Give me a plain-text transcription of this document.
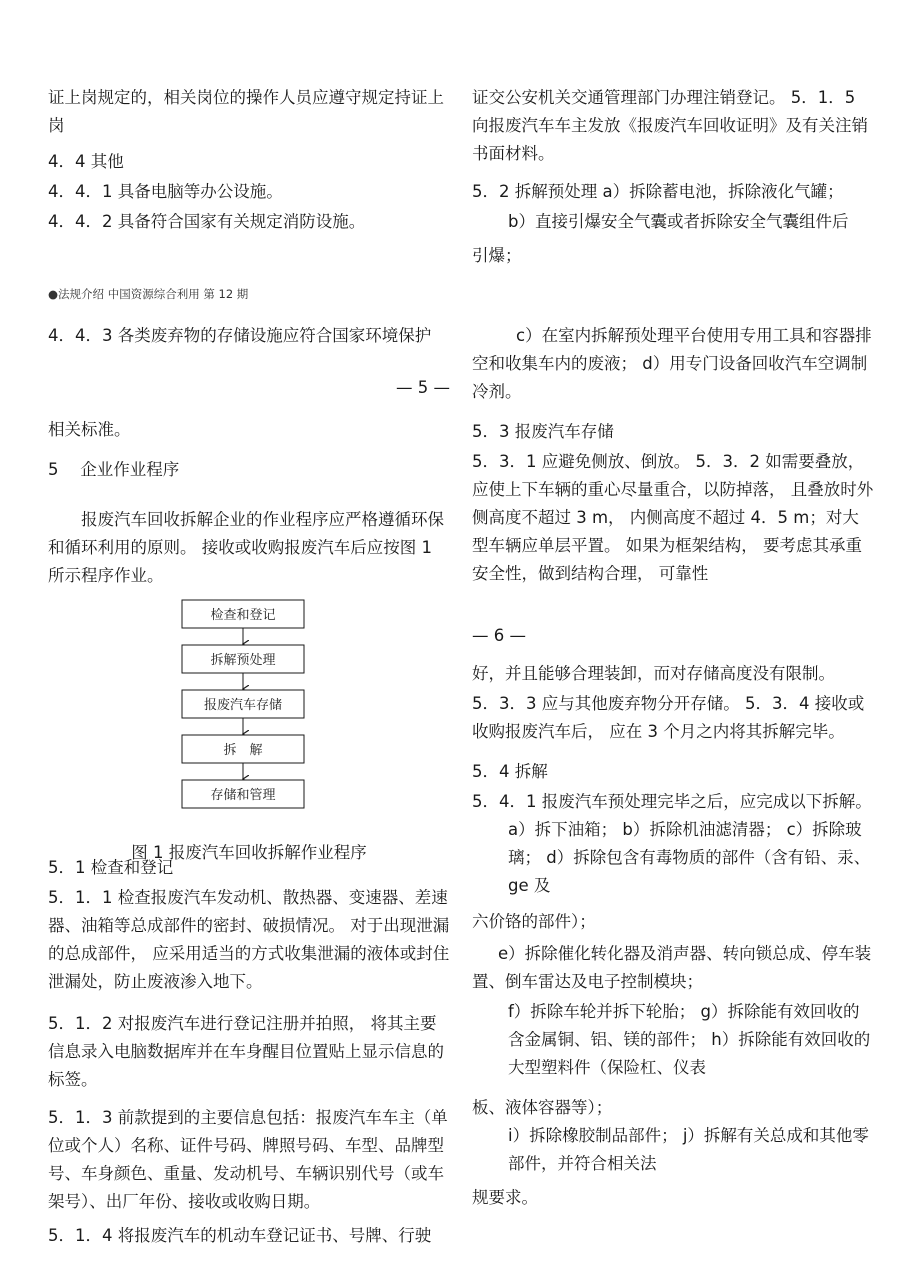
证上岗规定的，相关岗位的操作人员应遵守规定持证上岗

4．4 其他

4．4．1 具备电脑等办公设施。

4．4．2 具备符合国家有关规定消防设施。

●法规介绍 中国资源综合利用 第 12 期

4．4．3 各类废弃物的存储设施应符合国家环境保护

— 5 —

相关标准。

5　 企业作业程序

报废汽车回收拆解企业的作业程序应严格遵循环保和循环利用的原则。 接收或收购报废汽车后应按图 1 所示程序作业。

检查和登记
拆解预处理
报废汽车存储
拆　解
存储和管理

图 1 报废汽车回收拆解作业程序

5．1 检查和登记

5．1．1 检查报废汽车发动机、散热器、变速器、差速器、油箱等总成部件的密封、破损情况。 对于出现泄漏的总成部件， 应采用适当的方式收集泄漏的液体或封住泄漏处，防止废液渗入地下。

5．1．2 对报废汽车进行登记注册并拍照， 将其主要信息录入电脑数据库并在车身醒目位置贴上显示信息的标签。

5．1．3 前款提到的主要信息包括：报废汽车车主（单位或个人）名称、证件号码、牌照号码、车型、品牌型号、车身颜色、重量、发动机号、车辆识别代号（或车架号）、出厂年份、接收或收购日期。

5．1．4 将报废汽车的机动车登记证书、号牌、行驶

证交公安机关交通管理部门办理注销登记。 5．1．5 向报废汽车车主发放《报废汽车回收证明》及有关注销书面材料。

5．2 拆解预处理 a）拆除蓄电池，拆除液化气罐；

b）直接引爆安全气囊或者拆除安全气囊组件后

引爆；

c）在室内拆解预处理平台使用专用工具和容器排空和收集车内的废液； d）用专门设备回收汽车空调制冷剂。

5．3 报废汽车存储

5．3．1 应避免侧放、倒放。 5．3．2 如需要叠放，应使上下车辆的重心尽量重合，以防掉落， 且叠放时外侧高度不超过 3 m， 内侧高度不超过 4．5 m；对大型车辆应单层平置。 如果为框架结构， 要考虑其承重安全性，做到结构合理， 可靠性

— 6 —

好，并且能够合理装卸，而对存储高度没有限制。

5．3．3 应与其他废弃物分开存储。 5．3．4 接收或收购报废汽车后， 应在 3 个月之内将其拆解完毕。

5．4 拆解

5．4．1 报废汽车预处理完毕之后，应完成以下拆解。 a）拆下油箱； b）拆除机油滤清器； c）拆除玻璃； d）拆除包含有毒物质的部件（含有铅、汞、ge 及

六价铬的部件）；

e）拆除催化转化器及消声器、转向锁总成、停车装置、倒车雷达及电子控制模块；

f）拆除车轮并拆下轮胎； g）拆除能有效回收的含金属铜、铝、镁的部件； h）拆除能有效回收的大型塑料件（保险杠、仪表

板、液体容器等）；

i）拆除橡胶制品部件； j）拆解有关总成和其他零部件，并符合相关法

规要求。
